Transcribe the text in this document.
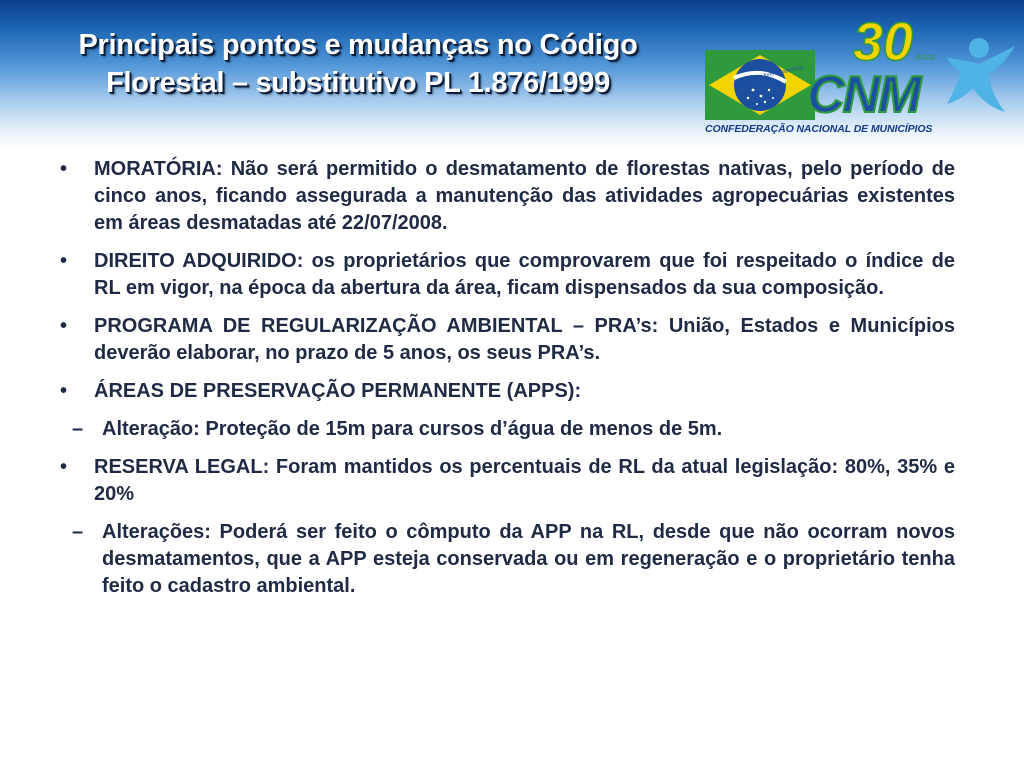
Principais pontos e mudanças no Código
Florestal – substitutivo PL 1.876/1999	Município forte. Brasil forte.
30 Anos
CNM
CONFEDERAÇÃO NACIONAL DE MUNICÍPIOS

• MORATÓRIA: Não será permitido o desmatamento de florestas nativas, pelo período de cinco anos, ficando assegurada a manutenção das atividades agropecuárias existentes em áreas desmatadas até 22/07/2008.

• DIREITO ADQUIRIDO: os proprietários que comprovarem que foi respeitado o índice de RL em vigor, na época da abertura da área, ficam dispensados da sua composição.

• PROGRAMA DE REGULARIZAÇÃO AMBIENTAL – PRA’s: União, Estados e Municípios deverão elaborar, no prazo de 5 anos, os seus PRA’s.

• ÁREAS DE PRESERVAÇÃO PERMANENTE (APPS):

– Alteração: Proteção de 15m para cursos d’água de menos de 5m.

• RESERVA LEGAL: Foram mantidos os percentuais de RL da atual legislação: 80%, 35% e 20%

– Alterações: Poderá ser feito o cômputo da APP na RL, desde que não ocorram novos desmatamentos, que a APP esteja conservada ou em regeneração e o proprietário tenha feito o cadastro ambiental.
